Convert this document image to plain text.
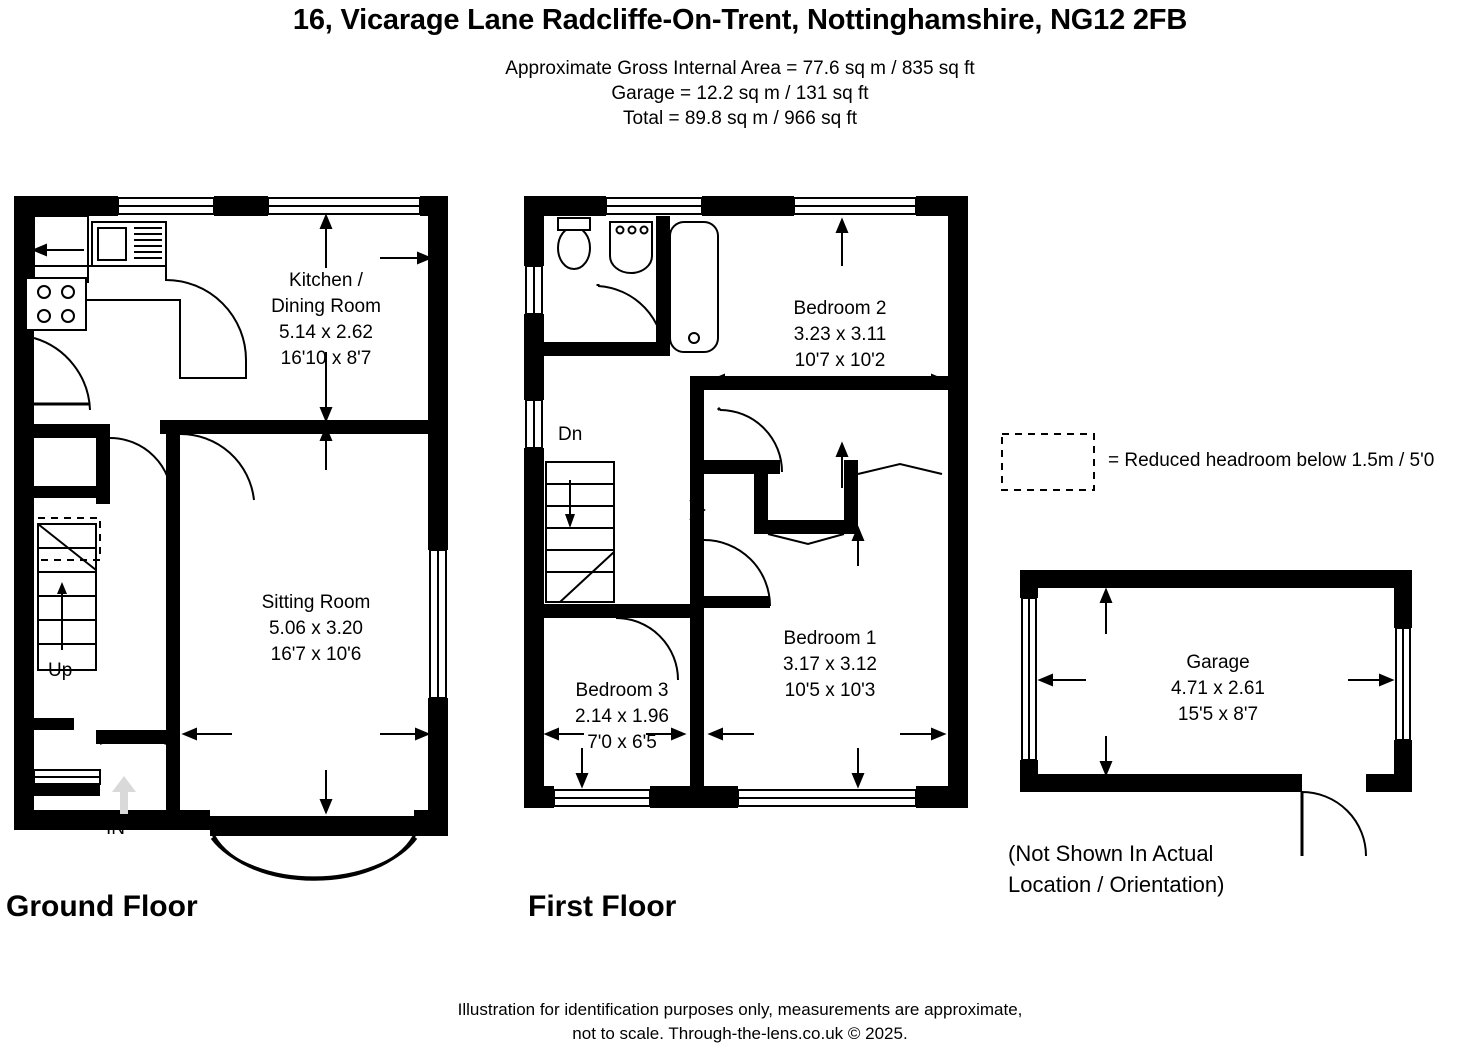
16, Vicarage Lane Radcliffe-On-Trent, Nottinghamshire, NG12 2FB
Approximate Gross Internal Area = 77.6 sq m / 835 sq ft
Garage = 12.2 sq m / 131 sq ft
Total = 89.8 sq m / 966 sq ft
Kitchen /
Dining Room
5.14 x 2.62
16'10 x 8'7
Sitting Room
5.06 x 3.20
16'7 x 10'6
Up
IN
Ground Floor
Bedroom 2
3.23 x 3.11
10'7 x 10'2
Bedroom 1
3.17 x 3.12
10'5 x 10'3
Bedroom 3
2.14 x 1.96
7'0 x 6'5
Dn
First Floor
= Reduced headroom below 1.5m / 5'0
Garage
4.71 x 2.61
15'5 x 8'7
(Not Shown In Actual
Location / Orientation)
Illustration for identification purposes only, measurements are approximate,
not to scale. Through-the-lens.co.uk © 2025.
